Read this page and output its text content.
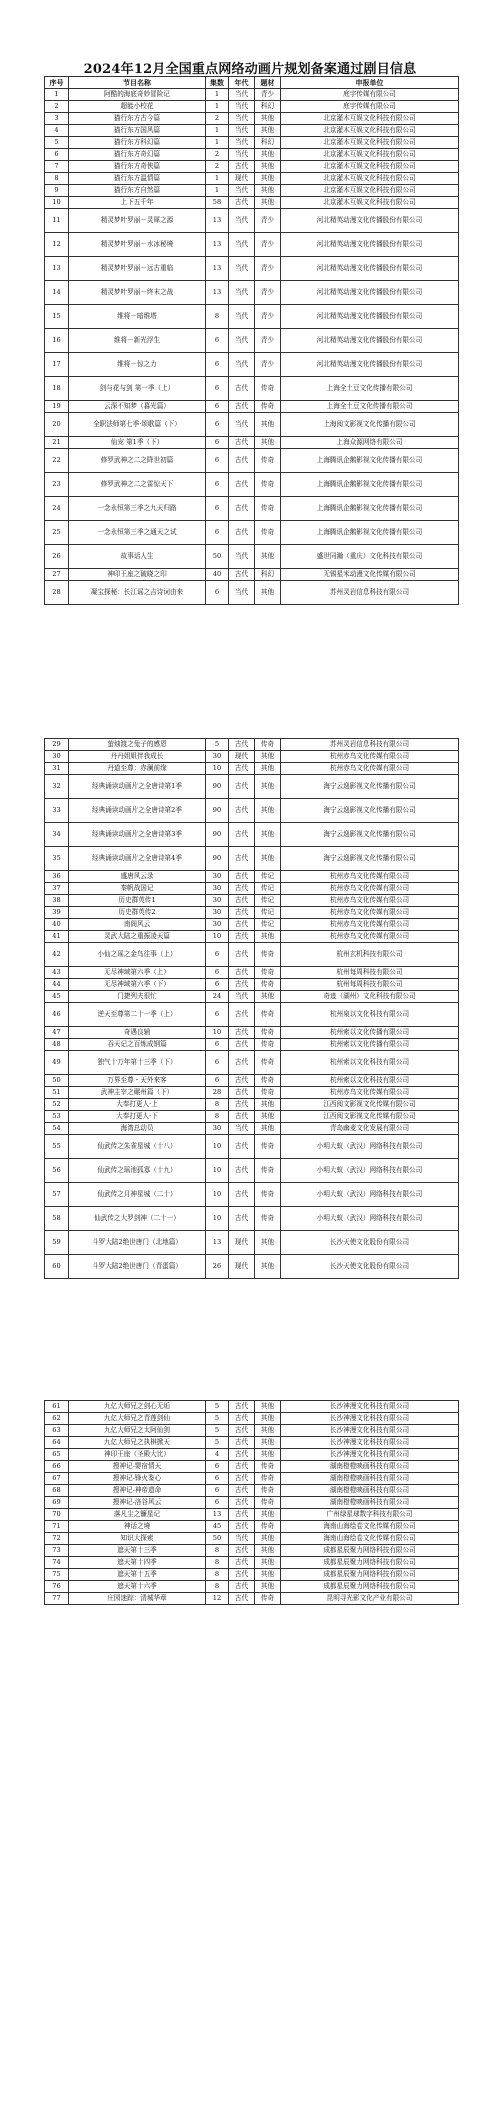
2024年12月全国重点网络动画片规划备案通过剧目信息
序号	节目名称	集数	年代	题材	申报单位
1	阿酷的海底奇妙冒险记	1	当代	青少	庭宇传媒有限公司
2	超能小校花	1	当代	科幻	庭宇传媒有限公司
3	猫行东方古今篇	2	当代	其他	北京灌木互娱文化科技有限公司
4	猫行东方国风篇	1	当代	其他	北京灌木互娱文化科技有限公司
5	猫行东方科幻篇	1	当代	科幻	北京灌木互娱文化科技有限公司
6	猫行东方奇幻篇	2	当代	其他	北京灌木互娱文化科技有限公司
7	猫行东方奇侠篇	2	古代	其他	北京灌木互娱文化科技有限公司
8	猫行东方温情篇	1	现代	其他	北京灌木互娱文化科技有限公司
9	猫行东方自然篇	1	当代	其他	北京灌木互娱文化科技有限公司
10	上下五千年	58	古代	其他	北京灌木互娱文化科技有限公司
11	精灵梦叶罗丽－灵犀之源	13	当代	青少	河北精英动漫文化传播股份有限公司
12	精灵梦叶罗丽－水冰秘境	13	当代	青少	河北精英动漫文化传播股份有限公司
13	精灵梦叶罗丽－远古重临	13	当代	青少	河北精英动漫文化传播股份有限公司
14	精灵梦叶罗丽－终末之战	13	当代	青少	河北精英动漫文化传播股份有限公司
15	维将－暗维塔	8	当代	青少	河北精英动漫文化传播股份有限公司
16	维将－新光浮生	6	当代	青少	河北精英动漫文化传播股份有限公司
17	维将－惊之力	6	当代	青少	河北精英动漫文化传播股份有限公司
18	剑与花与剑 第一季（上）	6	古代	传奇	上海全土豆文化传播有限公司
19	云深不知梦（暮光篇）	6	古代	传奇	上海全土豆文化传播有限公司
20	全职法师第七季·颂歌篇（下）	6	当代	其他	上海阅文影视文化传播有限公司
21	仙宠 第1季（下）	6	古代	其他	上海众源网络有限公司
22	修罗武神之二之降世初篇	6	古代	传奇	上海腾讯企鹅影视文化传播有限公司
23	修罗武神之二之雷惊天下	6	古代	传奇	上海腾讯企鹅影视文化传播有限公司
24	一念永恒第三季之九天归路	6	古代	传奇	上海腾讯企鹅影视文化传播有限公司
25	一念永恒第三季之通天之试	6	古代	传奇	上海腾讯企鹅影视文化传播有限公司
26	故事话人生	50	当代	其他	盛世同瀚（重庆）文化科技有限公司
27	神印王座之破晓之印	40	古代	科幻	无锡星米动漫文化传媒有限公司
28	凝宝探秘：长江谣之吉诗词由来	6	当代	其他	苏州灵岩信息科技有限公司
29	萤烛渡之兔子的感恩	5	古代	传奇	苏州灵岩信息科技有限公司
30	丹丹姐姐伴我成长	30	现代	其他	杭州赤鸟文化传媒有限公司
31	丹道至尊：赤澜前缘	10	古代	其他	杭州赤鸟文化传媒有限公司
32	经典诵读动画片之全唐诗第1季	90	古代	其他	海宁云逸影视文化传播有限公司
33	经典诵读动画片之全唐诗第2季	90	古代	其他	海宁云逸影视文化传播有限公司
34	经典诵读动画片之全唐诗第3季	90	古代	其他	海宁云逸影视文化传播有限公司
35	经典诵读动画片之全唐诗第4季	90	古代	其他	海宁云逸影视文化传播有限公司
36	盛唐风云录	30	古代	传记	杭州赤鸟文化传媒有限公司
37	秦帆战国记	30	古代	传记	杭州赤鸟文化传媒有限公司
38	历史群英传1	30	古代	传记	杭州赤鸟文化传媒有限公司
39	历史群英传2	30	古代	传记	杭州赤鸟文化传媒有限公司
40	南阁风云	30	古代	传记	杭州赤鸟文化传媒有限公司
41	灵武大陆之重振凌天篇	10	古代	其他	杭州赤鸟文化传媒有限公司
42	小仙之瑶之金鸟往事（上）	6	古代	传奇	杭州玄机科技有限公司
43	无尽神域第六季（上）	6	古代	传奇	杭州每周科技有限公司
44	无尽神域第六季（下）	6	古代	传奇	杭州每周科技有限公司
45	门捷列夫很忙	24	当代	其他	奇迹（湖州）文化科技有限公司
46	逆天至尊第二十一季（上）	6	古代	传奇	杭州泉以文化科技有限公司
47	奇遇良辅	10	古代	传奇	杭州索以文化传播有限公司
48	吞天记之百炼成钢篇	6	古代	传奇	杭州索以文化传播有限公司
49	独气十万年第十三季（下）	6	古代	传奇	杭州索以文化科技有限公司
50	万界至尊・天外来客	6	古代	传奇	杭州索以文化科技有限公司
51	武神主宰之碾州篇（下）	28	古代	传奇	杭州赤鸟文化传媒有限公司
52	大奉打更人·上	8	古代	其他	江西阅文影视文化传媒有限公司
53	大奉打更人·下	8	古代	其他	江西阅文影视文化传媒有限公司
54	海湾总动员	30	当代	其他	青岛幽麦文化发展有限公司
55	仙武传之朱雀星城（十八）	10	古代	传奇	小明大蚁（武汉）网络科技有限公司
56	仙武传之瑶池孤寡（十九）	10	古代	传奇	小明大蚁（武汉）网络科技有限公司
57	仙武传之月神星城（二十）	10	古代	传奇	小明大蚁（武汉）网络科技有限公司
58	仙武传之大罗剑神（二十一）	10	古代	传奇	小明大蚁（武汉）网络科技有限公司
59	斗罗大陆2绝世唐门（北地篇）	13	现代	其他	长沙天使文化股份有限公司
60	斗罗大陆2绝世唐门（青蛋篇）	26	现代	其他	长沙天使文化股份有限公司
61	九亿大师兄之剑心无垢	5	古代	其他	长沙神漫文化科技有限公司
62	九亿大师兄之青莲剑仙	5	古代	其他	长沙神漫文化科技有限公司
63	九亿大师兄之太阿仙剑	5	古代	其他	长沙神漫文化科技有限公司
64	九亿大师兄之执棋掀天	5	古代	其他	长沙神漫文化科技有限公司
65	神印王座（圣殿大比）	4	古代	其他	长沙神漫文化科技有限公司
66	搜神记-婴宿情天	6	古代	传奇	湖南橙橙映画科技有限公司
67	搜神记-锋火鉴心	6	古代	传奇	湖南橙橙映画科技有限公司
68	搜神记-神帝遗命	6	古代	传奇	湖南橙橙映画科技有限公司
69	搜神记-洛谷风云	6	古代	传奇	湖南橙橙映画科技有限公司
70	落凡尘之镰星记	13	古代	其他	广州绿星球数字科技有限公司
71	神话之境	45	古代	传奇	海南山海绘卷文化传媒有限公司
72	知识大探索	50	当代	其他	海南山海绘卷文化传媒有限公司
73	遮天第十三季	8	古代	其他	成都星辰聚力网络科技有限公司
74	遮天第十四季	8	古代	其他	成都星辰聚力网络科技有限公司
75	遮天第十五季	8	古代	其他	成都星辰聚力网络科技有限公司
76	遮天第十六季	8	古代	其他	成都星辰聚力网络科技有限公司
77	庄园迷踪：清城华章	12	古代	传奇	昆明寻光影文化产业有限公司
